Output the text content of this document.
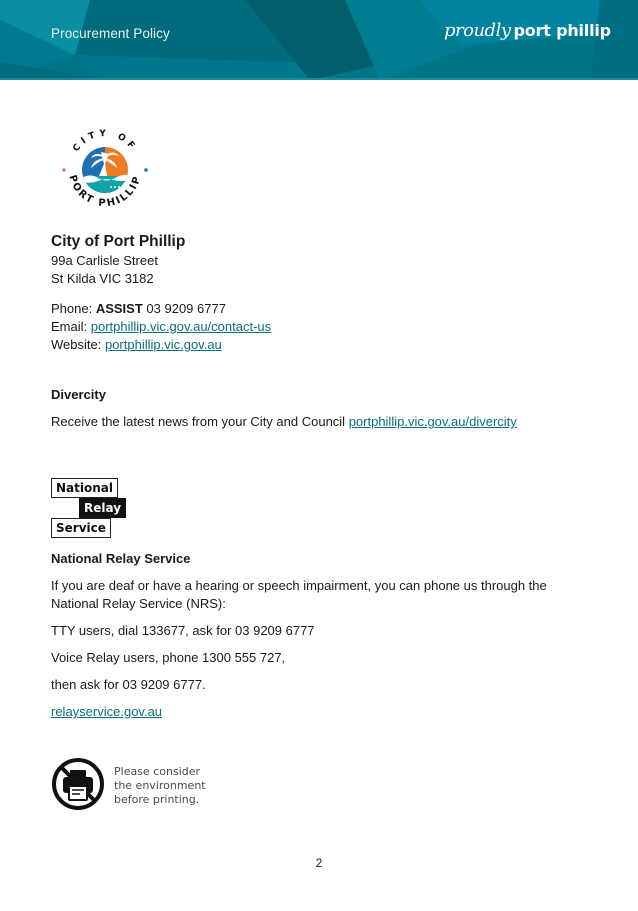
Procurement Policy	proudly port phillip
CITY OF
PORT PHILLIP

City of Port Phillip

99a Carlisle Street
St Kilda VIC 3182

Phone: ASSIST 03 9209 6777
Email: portphillip.vic.gov.au/contact-us
Website: portphillip.vic.gov.au

Divercity

Receive the latest news from your City and Council portphillip.vic.gov.au/divercity

National
Relay
Service

National Relay Service

If you are deaf or have a hearing or speech impairment, you can phone us through the National Relay Service (NRS):

TTY users, dial 133677, ask for 03 9209 6777

Voice Relay users, phone 1300 555 727,

then ask for 03 9209 6777.

relayservice.gov.au

Please consider
the environment
before printing.
2
